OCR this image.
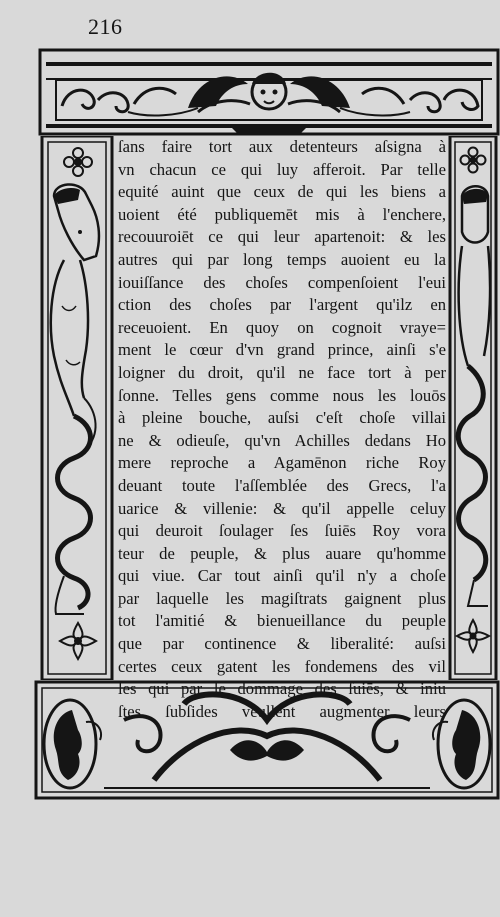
216
ſans faire tort aux detenteurs aſsigna à
vn chacun ce qui luy afferoit. Par telle
equité auint que ceux de qui les biens a
uoient été publiquemēt mis à l'enchere,
recouuroiēt ce qui leur apartenoit: & les
autres qui par long temps auoient eu la
iouiſſance des choſes compenſoient l'eui
ction des choſes par l'argent qu'ilz en
receuoient. En quoy on cognoit vraye=
ment le cœur d'vn grand prince, ainſi s'e
loigner du droit, qu'il ne face tort à per
ſonne. Telles gens comme nous les louōs
à pleine bouche, auſsi c'eſt choſe villai
ne & odieuſe, qu'vn Achilles dedans Ho
mere reproche a Agamēnon riche Roy
deuant toute l'aſſemblée des Grecs, l'a
uarice & villenie: & qu'il appelle celuy
qui deuroit ſoulager ſes ſuiēs Roy vora
teur de peuple, & plus auare qu'homme
qui viue. Car tout ainſi qu'il n'y a choſe
par laquelle les magiſtrats gaignent plus
tot l'amitié & bienueillance du peuple
que par continence & liberalité: auſsi
certes ceux gatent les fondemens des vil
les qui par le dommage des ſuiēs, & iniu
ſtes ſubſides veullent augmenter leurs
